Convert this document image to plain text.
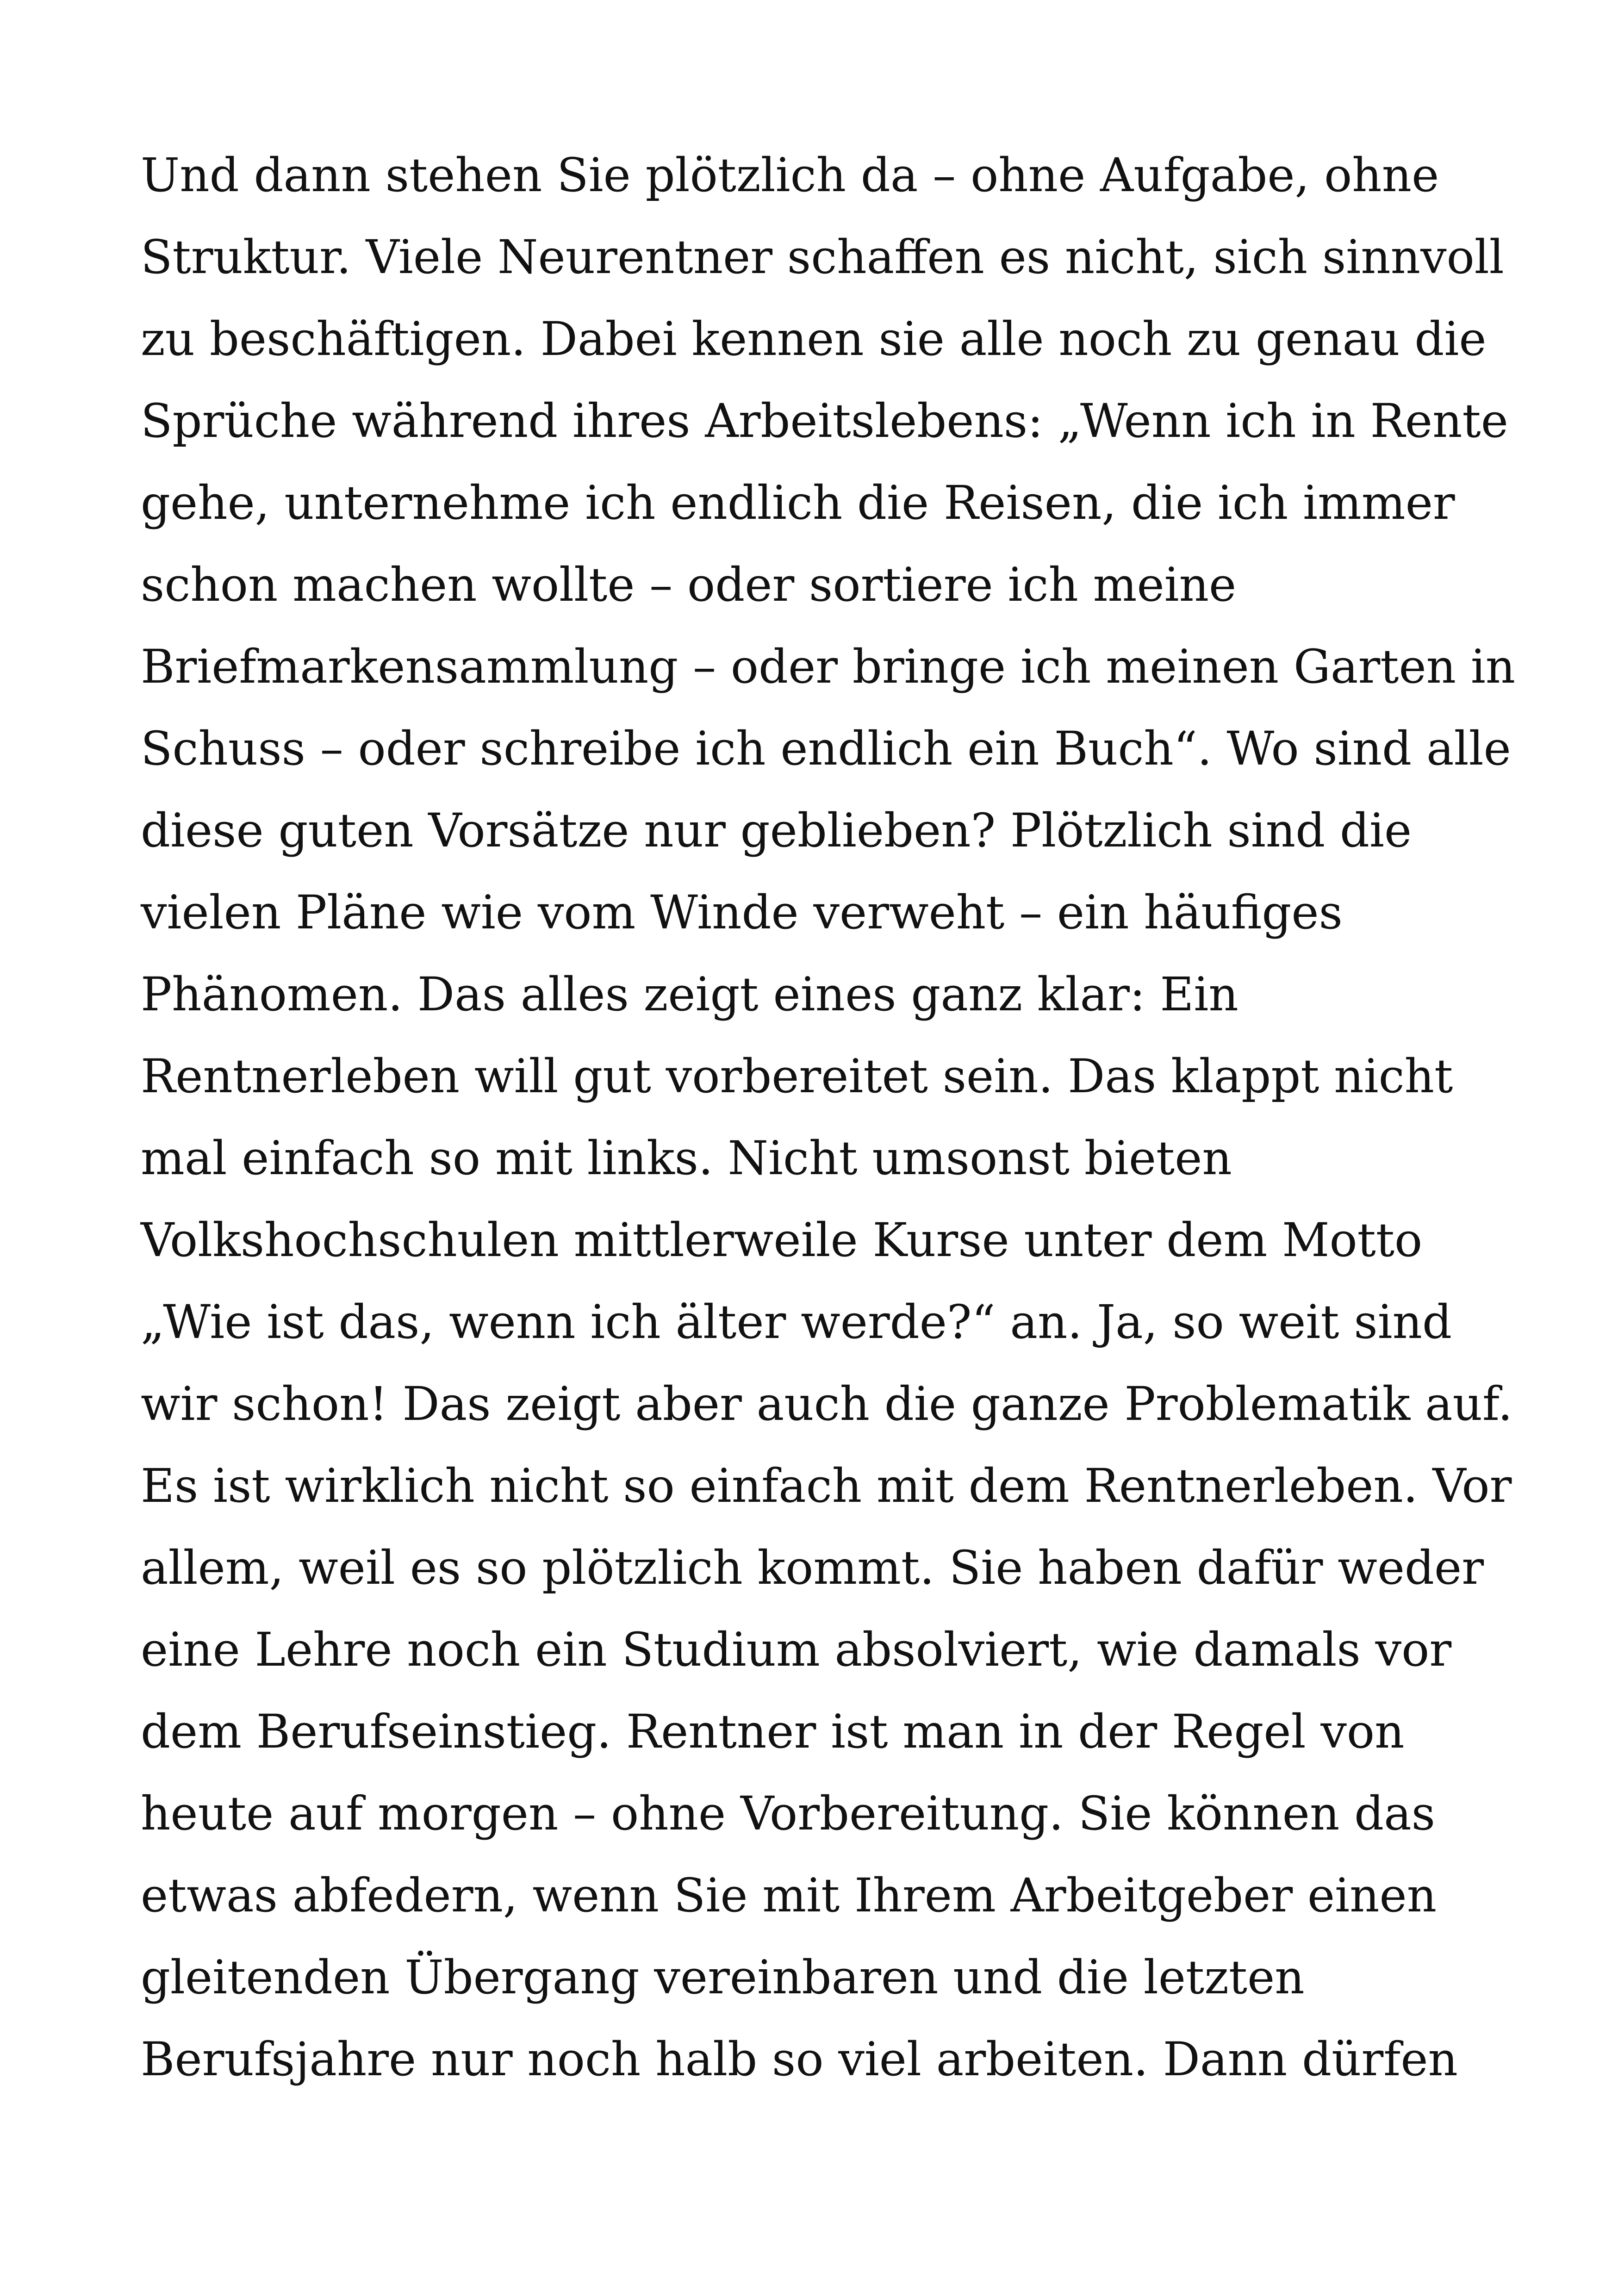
Und dann stehen Sie plötzlich da – ohne Aufgabe, ohne
Struktur. Viele Neurentner schaffen es nicht, sich sinnvoll
zu beschäftigen. Dabei kennen sie alle noch zu genau die
Sprüche während ihres Arbeitslebens: „Wenn ich in Rente
gehe, unternehme ich endlich die Reisen, die ich immer
schon machen wollte – oder sortiere ich meine
Briefmarkensammlung – oder bringe ich meinen Garten in
Schuss – oder schreibe ich endlich ein Buch“. Wo sind alle
diese guten Vorsätze nur geblieben? Plötzlich sind die
vielen Pläne wie vom Winde verweht – ein häufiges
Phänomen. Das alles zeigt eines ganz klar: Ein
Rentnerleben will gut vorbereitet sein. Das klappt nicht
mal einfach so mit links. Nicht umsonst bieten
Volkshochschulen mittlerweile Kurse unter dem Motto
„Wie ist das, wenn ich älter werde?“ an. Ja, so weit sind
wir schon! Das zeigt aber auch die ganze Problematik auf.
Es ist wirklich nicht so einfach mit dem Rentnerleben. Vor
allem, weil es so plötzlich kommt. Sie haben dafür weder
eine Lehre noch ein Studium absolviert, wie damals vor
dem Berufseinstieg. Rentner ist man in der Regel von
heute auf morgen – ohne Vorbereitung. Sie können das
etwas abfedern, wenn Sie mit Ihrem Arbeitgeber einen
gleitenden Übergang vereinbaren und die letzten
Berufsjahre nur noch halb so viel arbeiten. Dann dürfen
